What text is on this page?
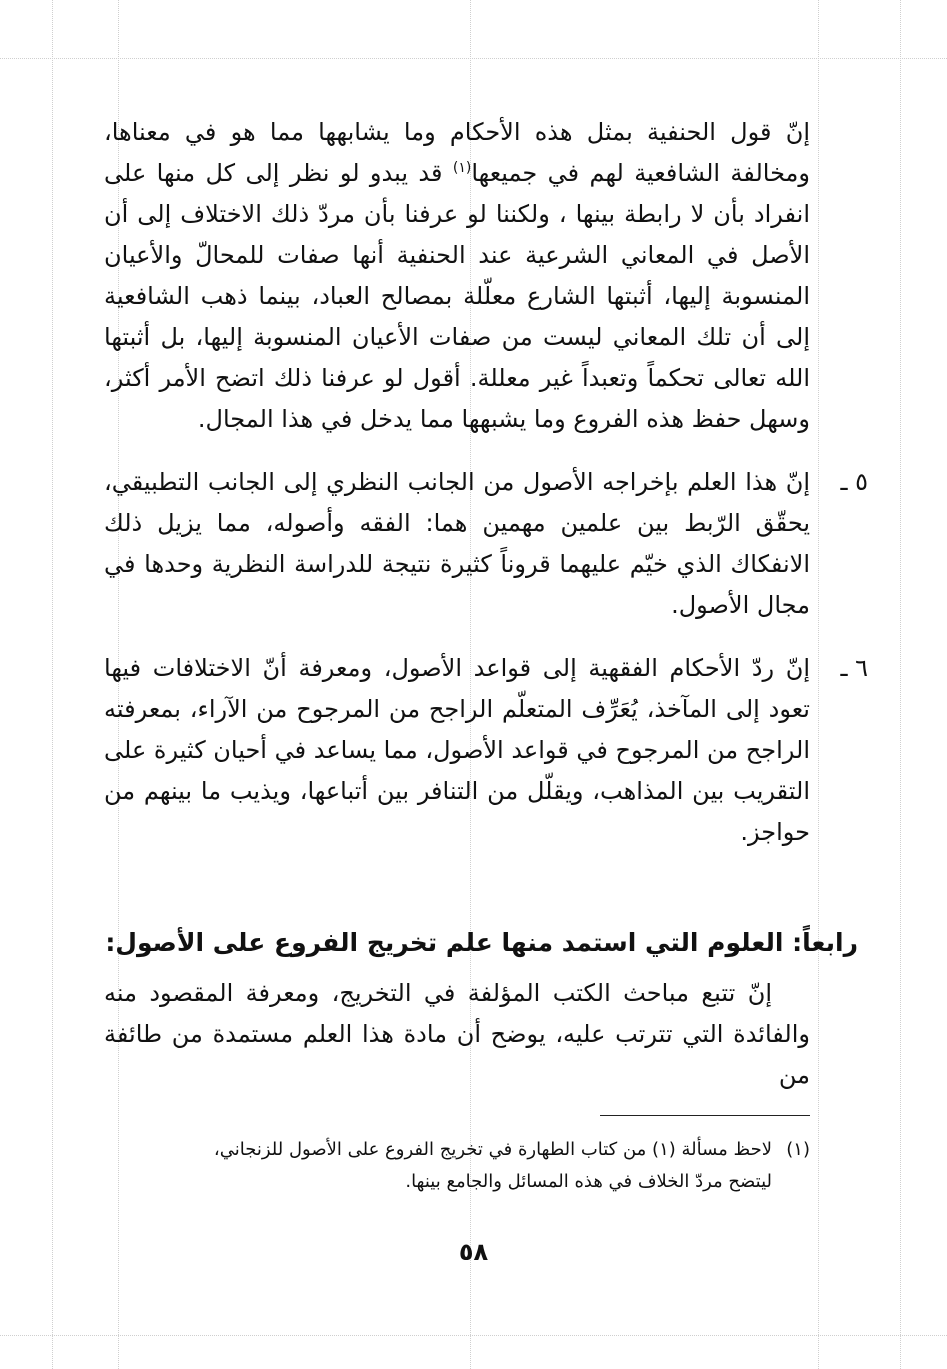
إنّ قول الحنفية بمثل هذه الأحكام وما يشابهها مما هو في معناها، ومخالفة الشافعية لهم في جميعها$^{(١)}$ قد يبدو لو نظر إلى كل منها على انفراد بأن لا رابطة بينها ، ولكننا لو عرفنا بأن مردّ ذلك الاختلاف إلى أن الأصل في المعاني الشرعية عند الحنفية أنها صفات للمحالّ والأعيان المنسوبة إليها، أثبتها الشارع معلّلة بمصالح العباد، بينما ذهب الشافعية إلى أن تلك المعاني ليست من صفات الأعيان المنسوبة إليها، بل أثبتها الله تعالى تحكماً وتعبداً غير معللة. أقول لو عرفنا ذلك اتضح الأمر أكثر، وسهل حفظ هذه الفروع وما يشبهها مما يدخل في هذا المجال.

٥ ـ
إنّ هذا العلم بإخراجه الأصول من الجانب النظري إلى الجانب التطبيقي، يحقّق الرّبط بين علمين مهمين هما: الفقه وأصوله، مما يزيل ذلك الانفكاك الذي خيّم عليهما قروناً كثيرة نتيجة للدراسة النظرية وحدها في مجال الأصول.

٦ ـ
إنّ ردّ الأحكام الفقهية إلى قواعد الأصول، ومعرفة أنّ الاختلافات فيها تعود إلى المآخذ، يُعَرِّف المتعلّم الراجح من المرجوح من الآراء، بمعرفته الراجح من المرجوح في قواعد الأصول، مما يساعد في أحيان كثيرة على التقريب بين المذاهب، ويقلّل من التنافر بين أتباعها، ويذيب ما بينهم من حواجز.

رابعاً: العلوم التي استمد منها علم تخريج الفروع على الأصول:

إنّ تتبع مباحث الكتب المؤلفة في التخريج، ومعرفة المقصود منه والفائدة التي تترتب عليه، يوضح أن مادة هذا العلم مستمدة من طائفة من

(١)لاحظ مسألة (١) من كتاب الطهارة في تخريج الفروع على الأصول للزنجاني،
ليتضح مردّ الخلاف في هذه المسائل والجامع بينها.
٥٨
